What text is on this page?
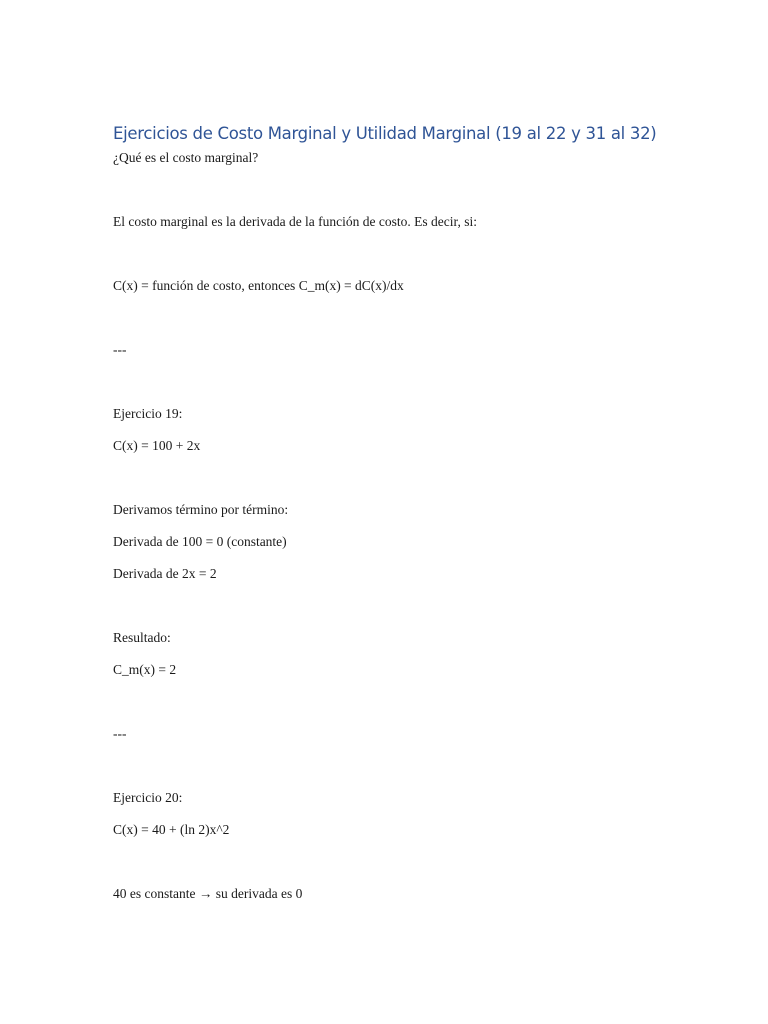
Ejercicios de Costo Marginal y Utilidad Marginal (19 al 22 y 31 al 32)
¿Qué es el costo marginal?
El costo marginal es la derivada de la función de costo. Es decir, si:
C(x) = función de costo, entonces C_m(x) = dC(x)/dx
---
Ejercicio 19:
C(x) = 100 + 2x
Derivamos término por término:
Derivada de 100 = 0 (constante)
Derivada de 2x = 2
Resultado:
C_m(x) = 2
---
Ejercicio 20:
C(x) = 40 + (ln 2)x^2
40 es constante → su derivada es 0
